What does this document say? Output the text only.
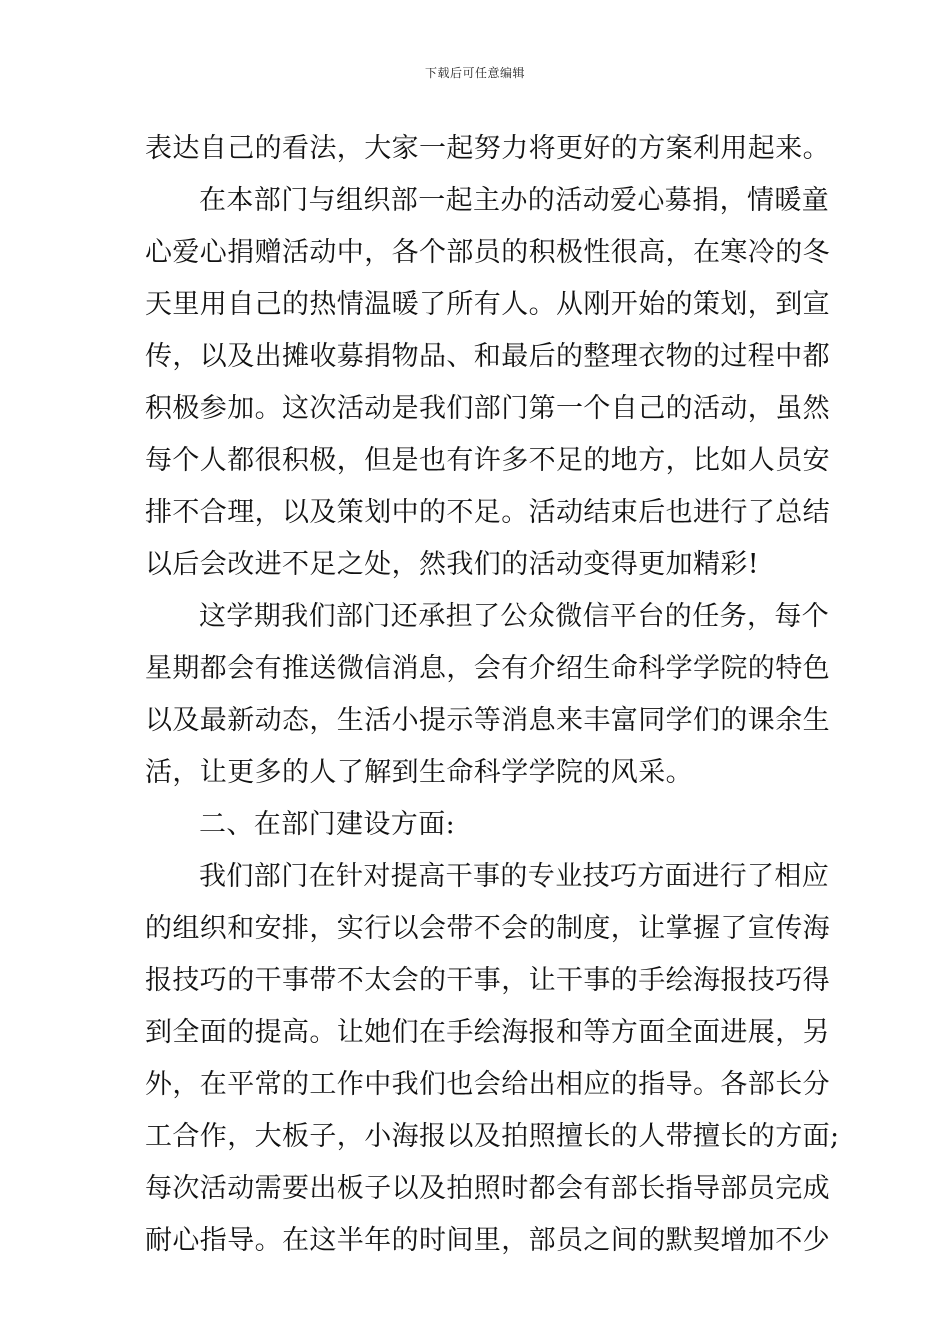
下载后可任意编辑
表达自己的看法，大家一起努力将更好的方案利用起来。
在本部门与组织部一起主办的活动爱心募捐，情暖童
心爱心捐赠活动中，各个部员的积极性很高，在寒冷的冬
天里用自己的热情温暖了所有人。从刚开始的策划，到宣
传，以及出摊收募捐物品、和最后的整理衣物的过程中都
积极参加。这次活动是我们部门第一个自己的活动，虽然
每个人都很积极，但是也有许多不足的地方，比如人员安
排不合理，以及策划中的不足。活动结束后也进行了总结
以后会改进不足之处，然我们的活动变得更加精彩!
这学期我们部门还承担了公众微信平台的任务，每个
星期都会有推送微信消息，会有介绍生命科学学院的特色
以及最新动态，生活小提示等消息来丰富同学们的课余生
活，让更多的人了解到生命科学学院的风采。
二、在部门建设方面:
我们部门在针对提高干事的专业技巧方面进行了相应
的组织和安排，实行以会带不会的制度，让掌握了宣传海
报技巧的干事带不太会的干事，让干事的手绘海报技巧得
到全面的提高。让她们在手绘海报和等方面全面进展，另
外，在平常的工作中我们也会给出相应的指导。各部长分
工合作，大板子，小海报以及拍照擅长的人带擅长的方面;
每次活动需要出板子以及拍照时都会有部长指导部员完成
耐心指导。在这半年的时间里，部员之间的默契增加不少
